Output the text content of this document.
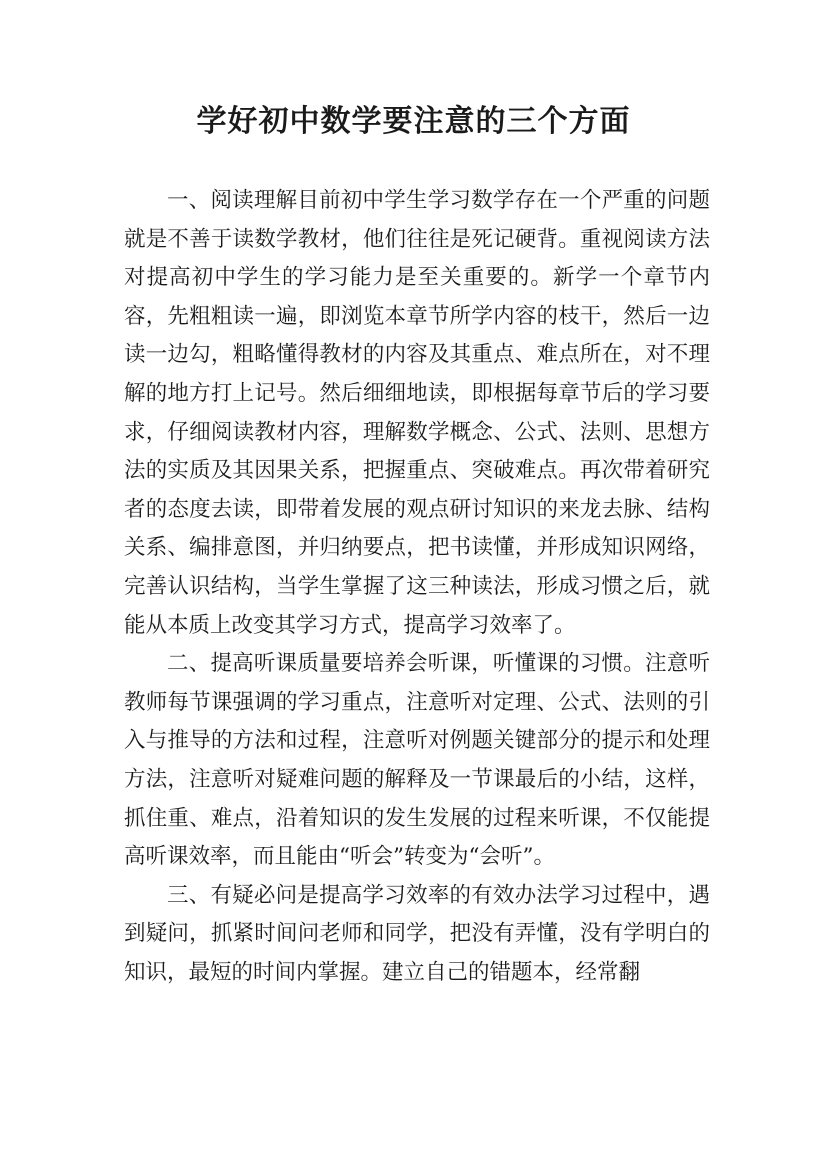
学好初中数学要注意的三个方面

一、阅读理解目前初中学生学习数学存在一个严重的问题就是不善于读数学教材，他们往往是死记硬背。重视阅读方法对提高初中学生的学习能力是至关重要的。新学一个章节内容，先粗粗读一遍，即浏览本章节所学内容的枝干，然后一边读一边勾，粗略懂得教材的内容及其重点、难点所在，对不理解的地方打上记号。然后细细地读，即根据每章节后的学习要求，仔细阅读教材内容，理解数学概念、公式、法则、思想方法的实质及其因果关系，把握重点、突破难点。再次带着研究者的态度去读，即带着发展的观点研讨知识的来龙去脉、结构关系、编排意图，并归纳要点，把书读懂，并形成知识网络，完善认识结构，当学生掌握了这三种读法，形成习惯之后，就能从本质上改变其学习方式，提高学习效率了。

二、提高听课质量要培养会听课，听懂课的习惯。注意听教师每节课强调的学习重点，注意听对定理、公式、法则的引入与推导的方法和过程，注意听对例题关键部分的提示和处理方法，注意听对疑难问题的解释及一节课最后的小结，这样，抓住重、难点，沿着知识的发生发展的过程来听课，不仅能提高听课效率，而且能由“听会”转变为“会听”。

三、有疑必问是提高学习效率的有效办法学习过程中，遇到疑问，抓紧时间问老师和同学，把没有弄懂，没有学明白的知识，最短的时间内掌握。建立自己的错题本，经常翻
